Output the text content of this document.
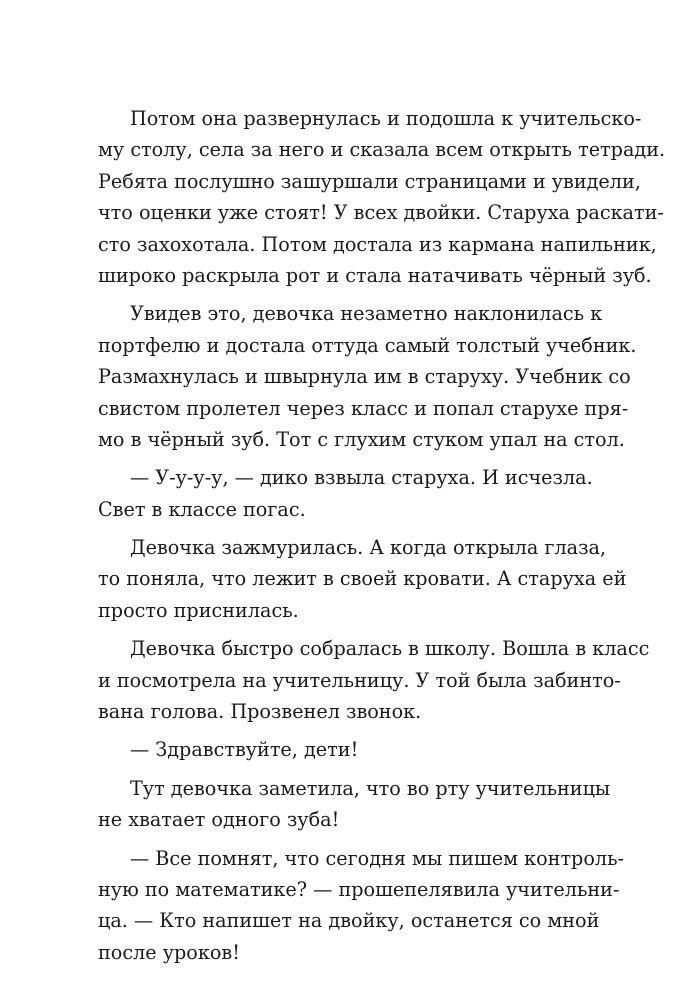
Потом она развернулась и подошла к учительско-
му столу, села за него и сказала всем открыть тетради.
Ребята послушно зашуршали страницами и увидели,
что оценки уже стоят! У всех двойки. Старуха раскати-
сто захохотала. Потом достала из кармана напильник,
широко раскрыла рот и стала натачивать чёрный зуб.
Увидев это, девочка незаметно наклонилась к
портфелю и достала оттуда самый толстый учебник.
Размахнулась и швырнула им в старуху. Учебник со
свистом пролетел через класс и попал старухе пря-
мо в чёрный зуб. Тот с глухим стуком упал на стол.
— У-у-у-у, — дико взвыла старуха. И исчезла.
Свет в классе погас.
Девочка зажмурилась. А когда открыла глаза,
то поняла, что лежит в своей кровати. А старуха ей
просто приснилась.
Девочка быстро собралась в школу. Вошла в класс
и посмотрела на учительницу. У той была забинто-
вана голова. Прозвенел звонок.
— Здравствуйте, дети!
Тут девочка заметила, что во рту учительницы
не хватает одного зуба!
— Все помнят, что сегодня мы пишем контроль-
ную по математике? — прошепелявила учительни-
ца. — Кто напишет на двойку, останется со мной
после уроков!
